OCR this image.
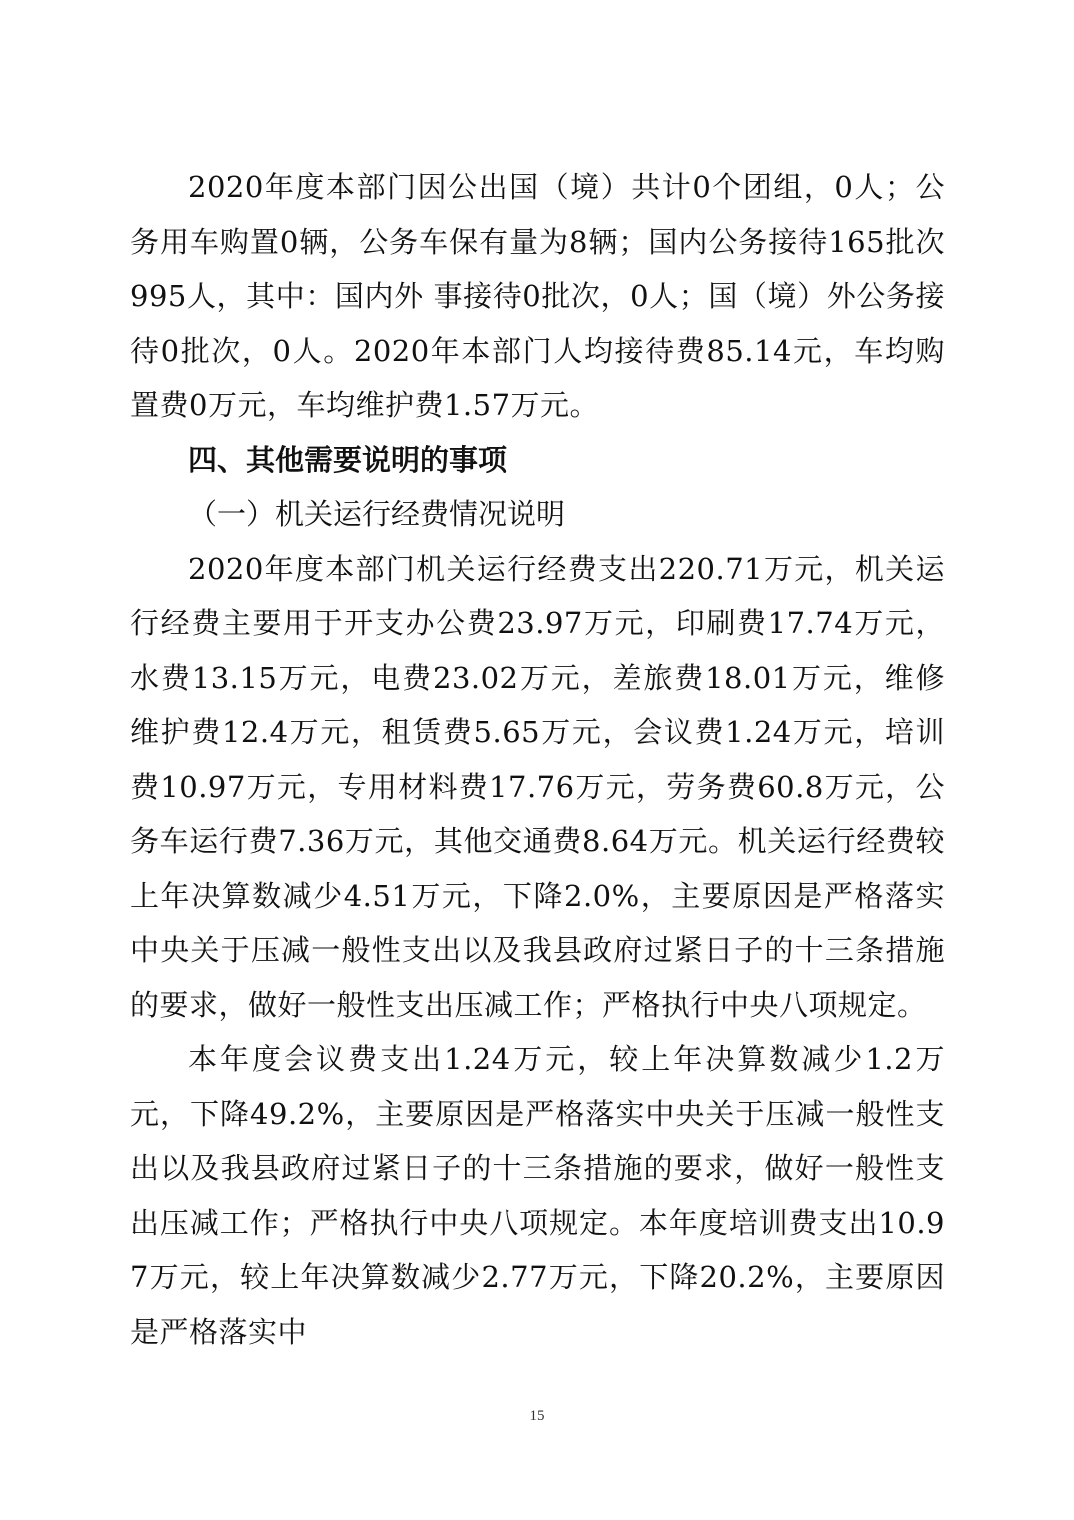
2020年度本部门因公出国（境）共计0个团组，0人；公务用车购置0辆，公务车保有量为8辆；国内公务接待165批次995人，其中：国内外 事接待0批次，0人；国（境）外公务接待0批次，0人。2020年本部门人均接待费85.14元，车均购置费0万元，车均维护费1.57万元。

四、其他需要说明的事项

（一）机关运行经费情况说明

2020年度本部门机关运行经费支出220.71万元，机关运行经费主要用于开支办公费23.97万元，印刷费17.74万元，水费13.15万元，电费23.02万元，差旅费18.01万元，维修维护费12.4万元，租赁费5.65万元，会议费1.24万元，培训费10.97万元，专用材料费17.76万元，劳务费60.8万元，公务车运行费7.36万元，其他交通费8.64万元。机关运行经费较上年决算数减少4.51万元，下降2.0%，主要原因是严格落实中央关于压减一般性支出以及我县政府过紧日子的十三条措施的要求，做好一般性支出压减工作；严格执行中央八项规定。

本年度会议费支出1.24万元，较上年决算数减少1.2万元，下降49.2%，主要原因是严格落实中央关于压减一般性支出以及我县政府过紧日子的十三条措施的要求，做好一般性支出压减工作；严格执行中央八项规定。本年度培训费支出10.97万元，较上年决算数减少2.77万元，下降20.2%，主要原因是严格落实中

15
